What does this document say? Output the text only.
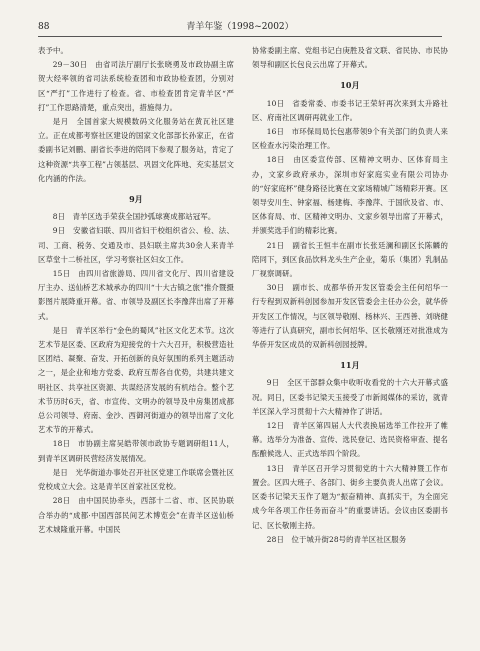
88	青羊年鉴（1998~2002）

表予中。

29－30日　由省司法厅副厅长张晓勇及市政协副主席贺大经率领的省司法系统检查团和市政协检查团，分别对区“严打”工作进行了检查。省、市检查团肯定青羊区“严打”工作思路清楚，重点突出，措施得力。

是月　全国首家大规模数码文化服务站在黄瓦社区建立。正在成都考察社区建设的国家文化部部长孙家正，在省委副书记刘鹏、副省长李进的陪同下参观了服务站，肯定了这种资源“共享工程”占领基层、巩固文化阵地、充实基层文化内涵的作法。

9月

8日　青羊区选手荣获全国抄弧球赛成都站冠军。

9日　安徽省妇联、四川省妇干校组织省公、检、法、司、工商、税务、交通及市、县妇联主席共30余人来青羊区草堂十二桥社区，学习考察社区妇女工作。

15日　由四川省旅游局、四川省文化厅、四川省建设厅主办、送仙桥艺术城承办的四川“十大古镇之旅”推介暨摄影图片展降重开幕。省、市领导及副区长李豫萍出席了开幕式。

是日　青羊区举行“金色的蜀风”社区文化艺术节。这次艺术节是区委、区政府为迎接党的十六大召开，积极营造社区团结、凝聚、奋发、开拓创新的良好氛围的系列主题活动之一，是企业和地方党委、政府互帮各自优势，共建共建文明社区、共享社区资源、共谋经济发展的有机结合。整个艺术节历时6天，省、市宣传、文明办的领导及中房集团成都总公司领导、府南、金沙、西御河街道办的领导出席了文化艺术节的开幕式。

18日　市协副主席吴皓带领市政协专题调研组11人，到青羊区调研民营经济发展情况。

是日　光华街道办事处召开社区党建工作联席会暨社区党校成立大会。这是青羊区首家社区党校。

28日　由中国民协牵头，西部十二省、市、区民协联合举办的“成都·中国西部民间艺术博览会”在青羊区送仙桥艺术城隆重开幕。中国民

协常委副主席、党组书记白庚胜及省文联、省民协、市民协领导和副区长包良云出席了开幕式。

10月

10日　省委常委、市委书记王荣轩再次来到太升路社区、府南社区调研再就业工作。

16日　市环保局局长包惠带领9个有关部门的负责人来区检查水污染治理工作。

18日　由区委宣传部、区精神文明办、区体育局主办，文家乡政府承办，深圳市好家庭实业有限公司协办的“好家庭杯”健身路径比赛在文家场精城广场精彩开赛。区领导安川生、钟家福、杨建梅、李豫萍、于国欣及省、市、区体育局、市、区精神文明办、文家乡领导出席了开幕式，并颁奖选手们的精彩比赛。

21日　副省长王恒丰在副市长张廷澜和副区长陈麟的陪同下，到区食品饮料龙头生产企业，菊乐（集团）乳制品厂视察调研。

30日　副市长、成都华侨开发区管委会主任何绍华一行专程到双新科创园参加开发区管委会主任办公会，就华侨开发区工作情况，与区领导敬刚、杨林兴、王西善、刘晓健等进行了认真研究，副市长何绍华、区长敬刚还对批准成为华侨开发区成员的双新科创园授牌。

11月

9日　全区干部群众集中收听收看党的十六大开幕式盛况。同日，区委书记梁天玉接受了市新闻媒体的采访，就青羊区深入学习贯彻十六大精神作了讲话。

12日　青羊区第四届人大代表换届选举工作拉开了帷幕。选举分为准备、宣传、选民登记、选民资格审查、提名酝酿候选人、正式选举四个阶段。

13日　青羊区召开学习贯彻党的十六大精神暨工作布置会。区四大班子、各部门、街乡主要负责人出席了会议。区委书记梁天玉作了题为“振奋精神、真抓实干，为全面完成今年各项工作任务而奋斗”的重要讲话。会议由区委副书记、区长敬刚主持。

28日　位于城升街28号的青羊区社区服务
